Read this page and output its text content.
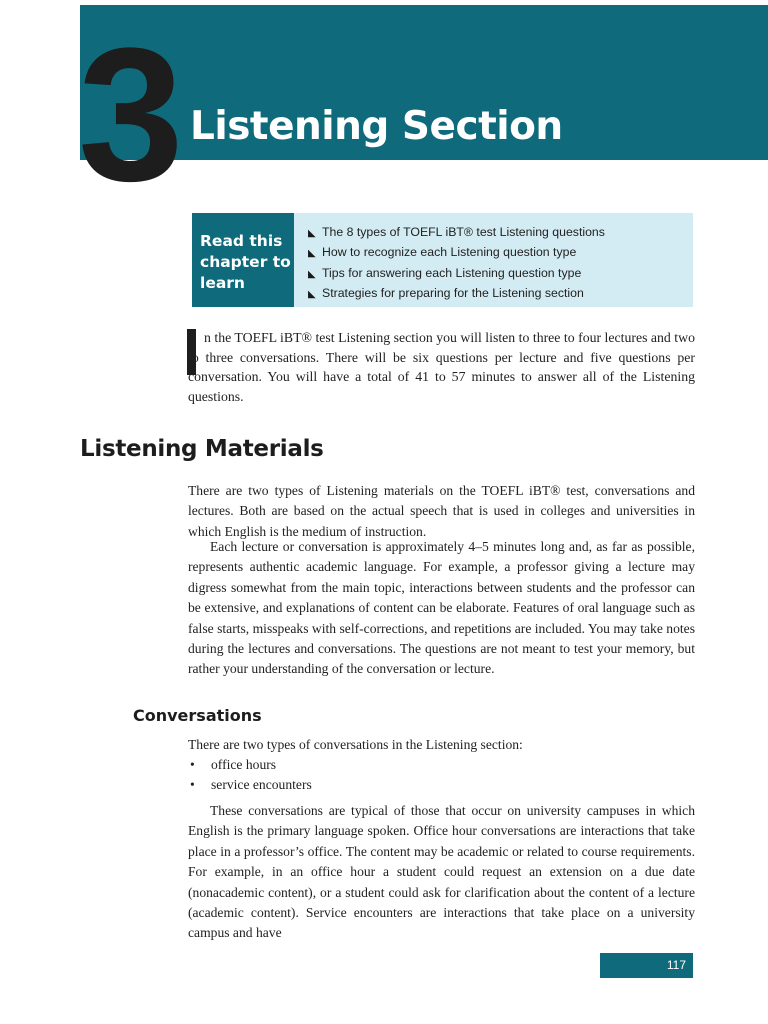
3 Listening Section
Read this chapter to learn
◣ The 8 types of TOEFL iBT® test Listening questions
◣ How to recognize each Listening question type
◣ Tips for answering each Listening question type
◣ Strategies for preparing for the Listening section

n the TOEFL iBT® test Listening section you will listen to three to four lectures and two to three conversations. There will be six questions per lecture and five questions per conversation. You will have a total of 41 to 57 minutes to answer all of the Listening questions.

Listening Materials

There are two types of Listening materials on the TOEFL iBT® test, conversations and lectures. Both are based on the actual speech that is used in colleges and universities in which English is the medium of instruction.

Each lecture or conversation is approximately 4–5 minutes long and, as far as possible, represents authentic academic language. For example, a professor giving a lecture may digress somewhat from the main topic, interactions between students and the professor can be extensive, and explanations of content can be elaborate. Features of oral language such as false starts, misspeaks with self-corrections, and repetitions are included. You may take notes during the lectures and conversations. The questions are not meant to test your memory, but rather your understanding of the conversation or lecture.

Conversations

There are two types of conversations in the Listening section:

• office hours
• service encounters

These conversations are typical of those that occur on university campuses in which English is the primary language spoken. Office hour conversations are interactions that take place in a professor’s office. The content may be academic or related to course requirements. For example, in an office hour a student could request an extension on a due date (nonacademic content), or a student could ask for clarification about the content of a lecture (academic content). Service encounters are interactions that take place on a university campus and have

117
